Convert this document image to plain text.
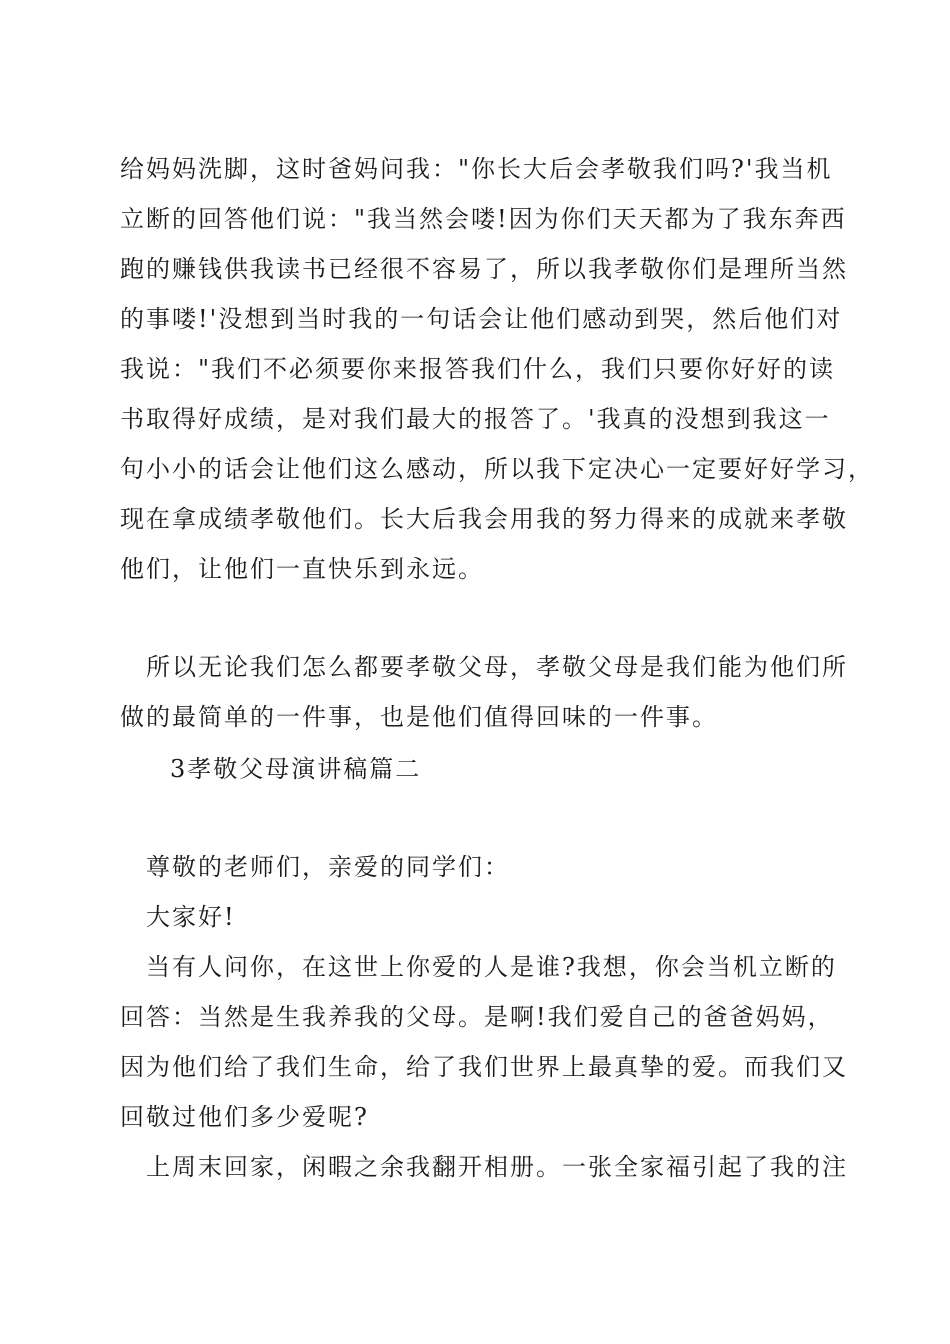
给妈妈洗脚，这时爸妈问我："你长大后会孝敬我们吗?'我当机
立断的回答他们说："我当然会喽!因为你们天天都为了我东奔西
跑的赚钱供我读书已经很不容易了，所以我孝敬你们是理所当然
的事喽!'没想到当时我的一句话会让他们感动到哭，然后他们对
我说："我们不必须要你来报答我们什么，我们只要你好好的读
书取得好成绩，是对我们最大的报答了。'我真的没想到我这一
句小小的话会让他们这么感动，所以我下定决心一定要好好学习，
现在拿成绩孝敬他们。长大后我会用我的努力得来的成就来孝敬
他们，让他们一直快乐到永远。
所以无论我们怎么都要孝敬父母，孝敬父母是我们能为他们所
做的最简单的一件事，也是他们值得回味的一件事。
3孝敬父母演讲稿篇二
尊敬的老师们，亲爱的同学们：
大家好!
当有人问你，在这世上你爱的人是谁?我想，你会当机立断的
回答：当然是生我养我的父母。是啊!我们爱自己的爸爸妈妈，
因为他们给了我们生命，给了我们世界上最真挚的爱。而我们又
回敬过他们多少爱呢?
上周末回家，闲暇之余我翻开相册。一张全家福引起了我的注
